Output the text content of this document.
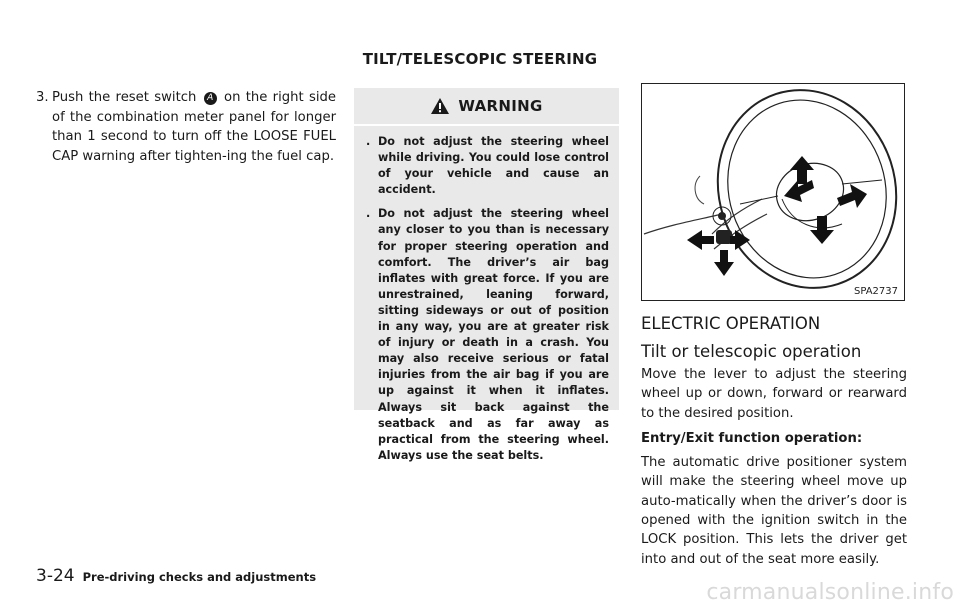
TILT/TELESCOPIC STEERING
3. Push the reset switch A on the right side of the combination meter panel for longer than 1 second to turn off the LOOSE FUEL CAP warning after tighten-ing the fuel cap.
WARNING
. Do not adjust the steering wheel while driving. You could lose control of your vehicle and cause an accident.
. Do not adjust the steering wheel any closer to you than is necessary for proper steering operation and comfort. The driver’s air bag inflates with great force. If you are unrestrained, leaning forward, sitting sideways or out of position in any way, you are at greater risk of injury or death in a crash. You may also receive serious or fatal injuries from the air bag if you are up against it when it inflates. Always sit back against the seatback and as far away as practical from the steering wheel. Always use the seat belts.
SPA2737
ELECTRIC OPERATION
Tilt or telescopic operation

Move the lever to adjust the steering wheel up or down, forward or rearward to the desired position.

Entry/Exit function operation:

The automatic drive positioner system will make the steering wheel move up auto-matically when the driver’s door is opened with the ignition switch in the LOCK position. This lets the driver get into and out of the seat more easily.

3-24 Pre-driving checks and adjustments
carmanualsonline.info
